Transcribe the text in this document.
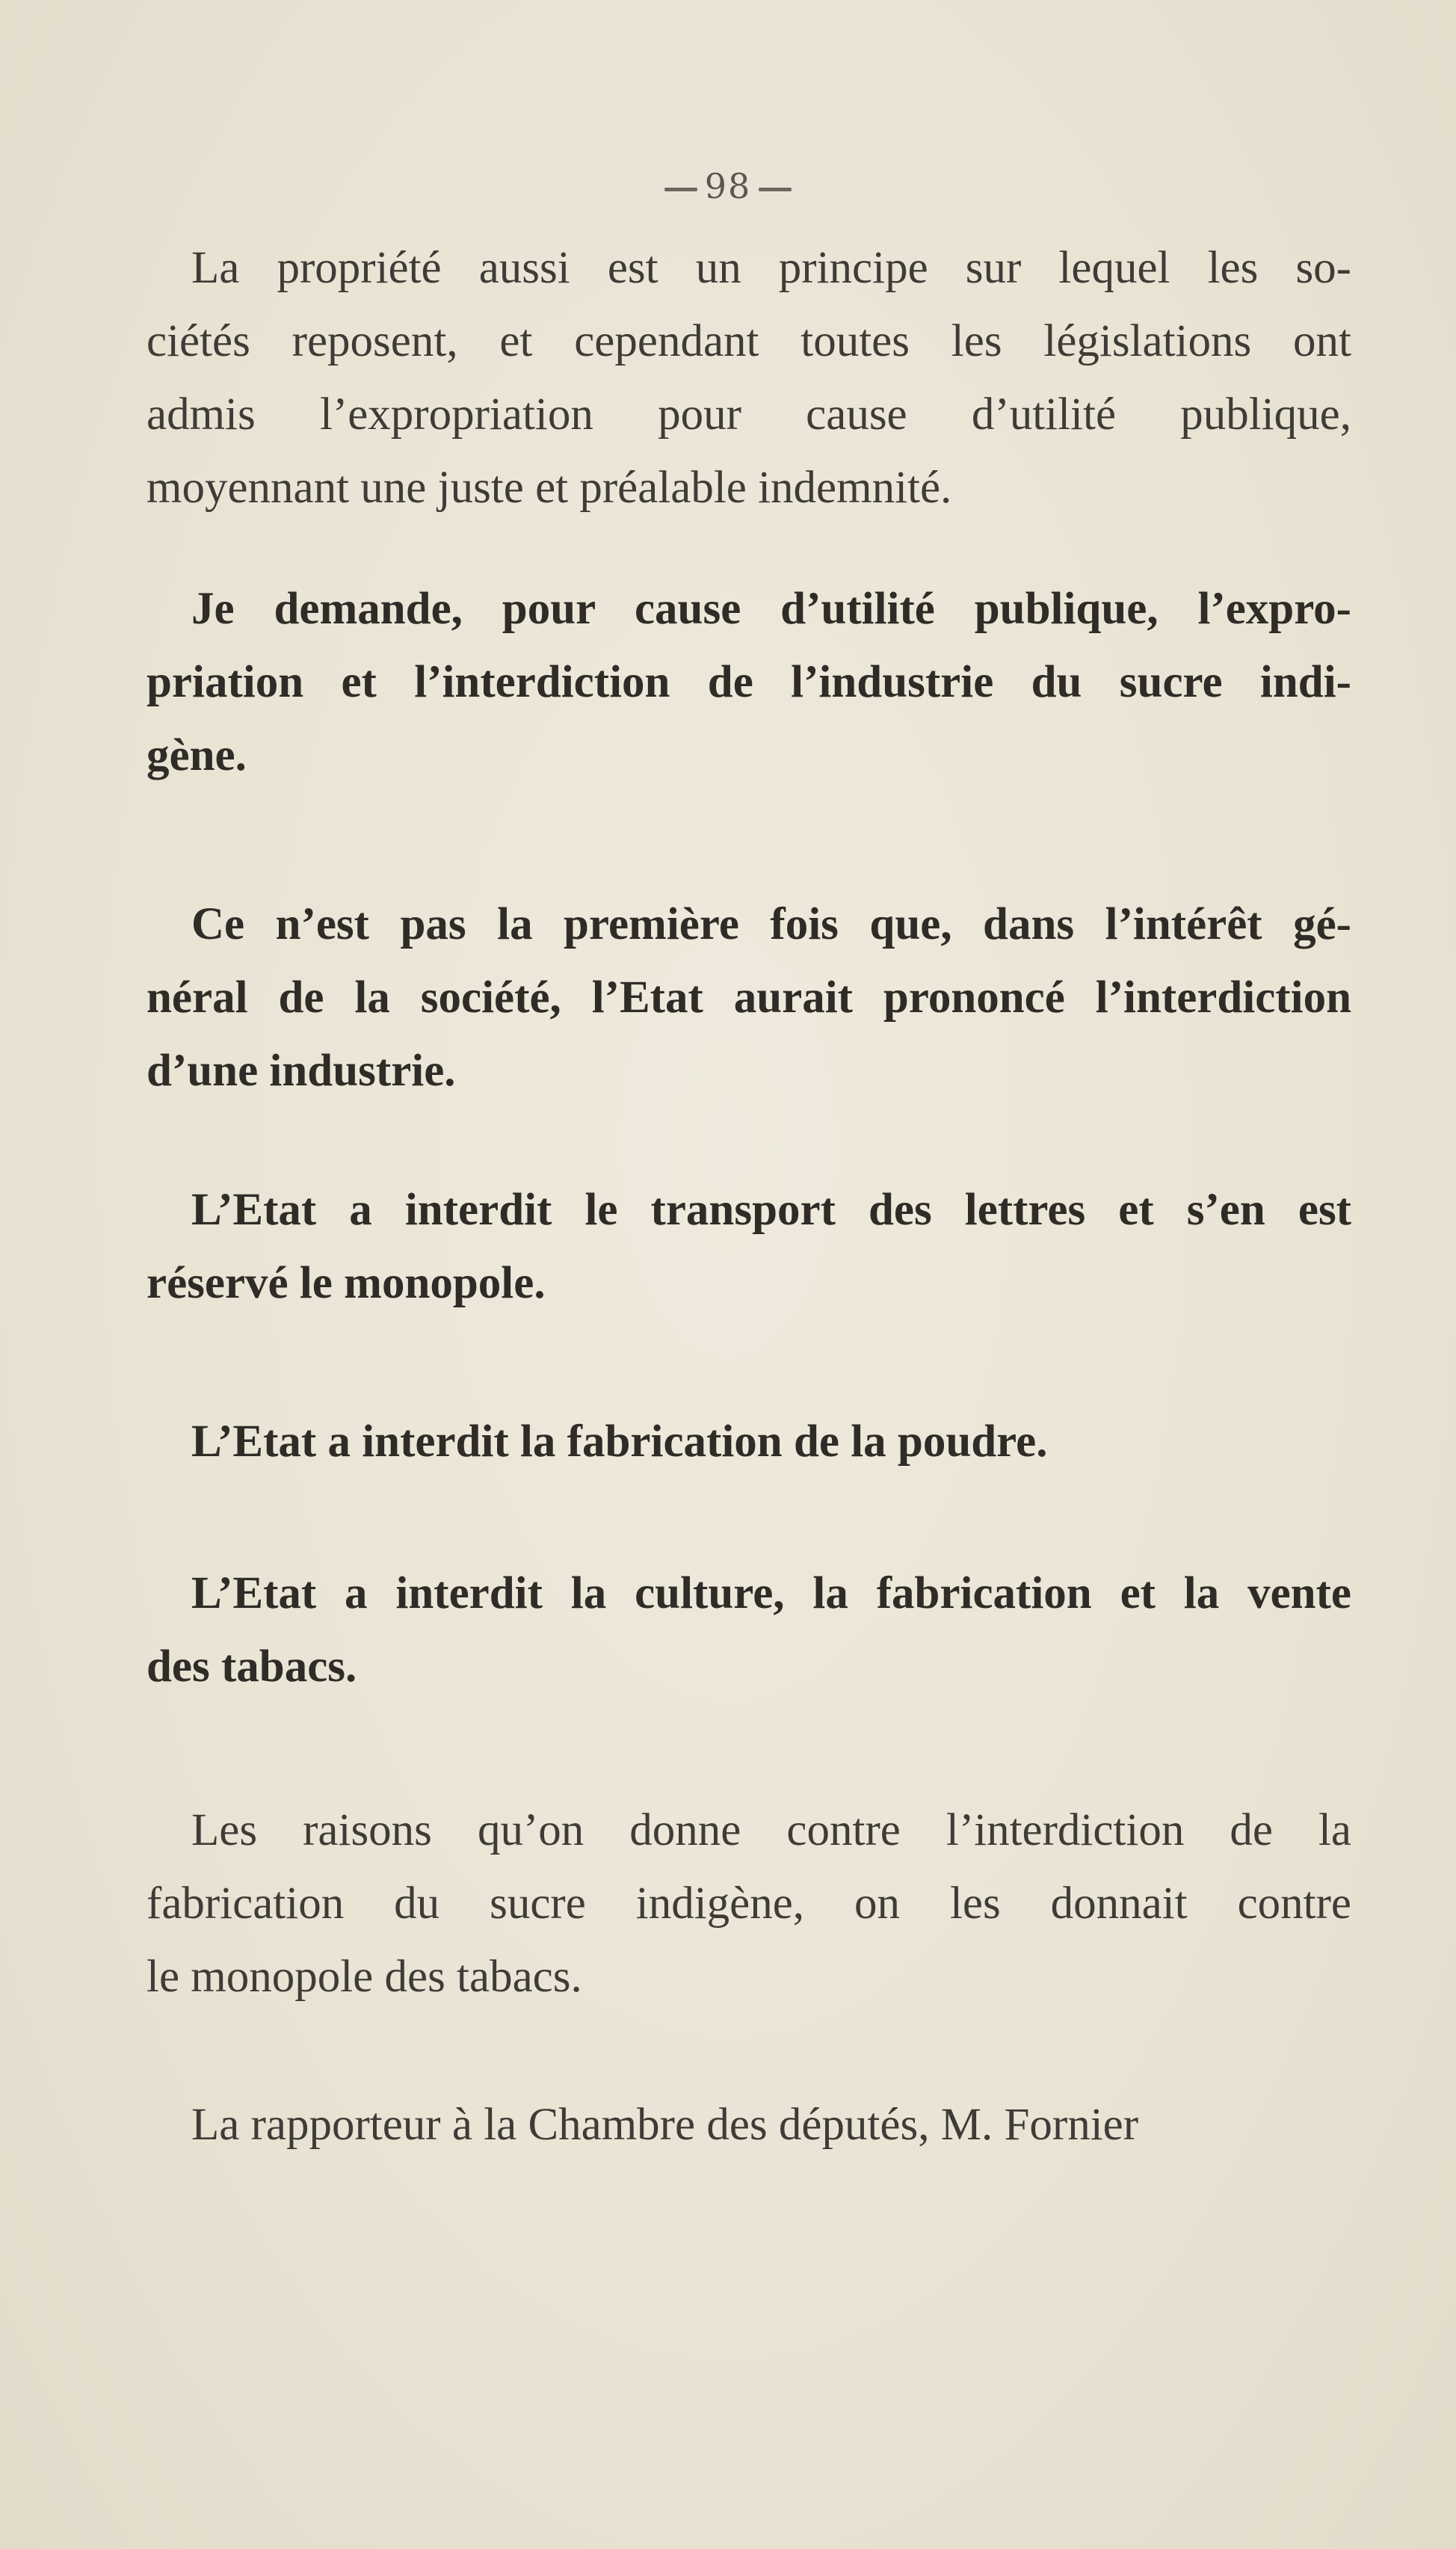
98
La propriété aussi est un principe sur lequel les so-
ciétés reposent, et cependant toutes les législations ont
admis l’expropriation pour cause d’utilité publique,
moyennant une juste et préalable indemnité.
Je demande, pour cause d’utilité publique, l’expro-
priation et l’interdiction de l’industrie du sucre indi-
gène.
Ce n’est pas la première fois que, dans l’intérêt gé-
néral de la société, l’Etat aurait prononcé l’interdiction
d’une industrie.
L’Etat a interdit le transport des lettres et s’en est
réservé le monopole.
L’Etat a interdit la fabrication de la poudre.
L’Etat a interdit la culture, la fabrication et la vente
des tabacs.
Les raisons qu’on donne contre l’interdiction de la
fabrication du sucre indigène, on les donnait contre
le monopole des tabacs.
La rapporteur à la Chambre des députés, M. Fornier
